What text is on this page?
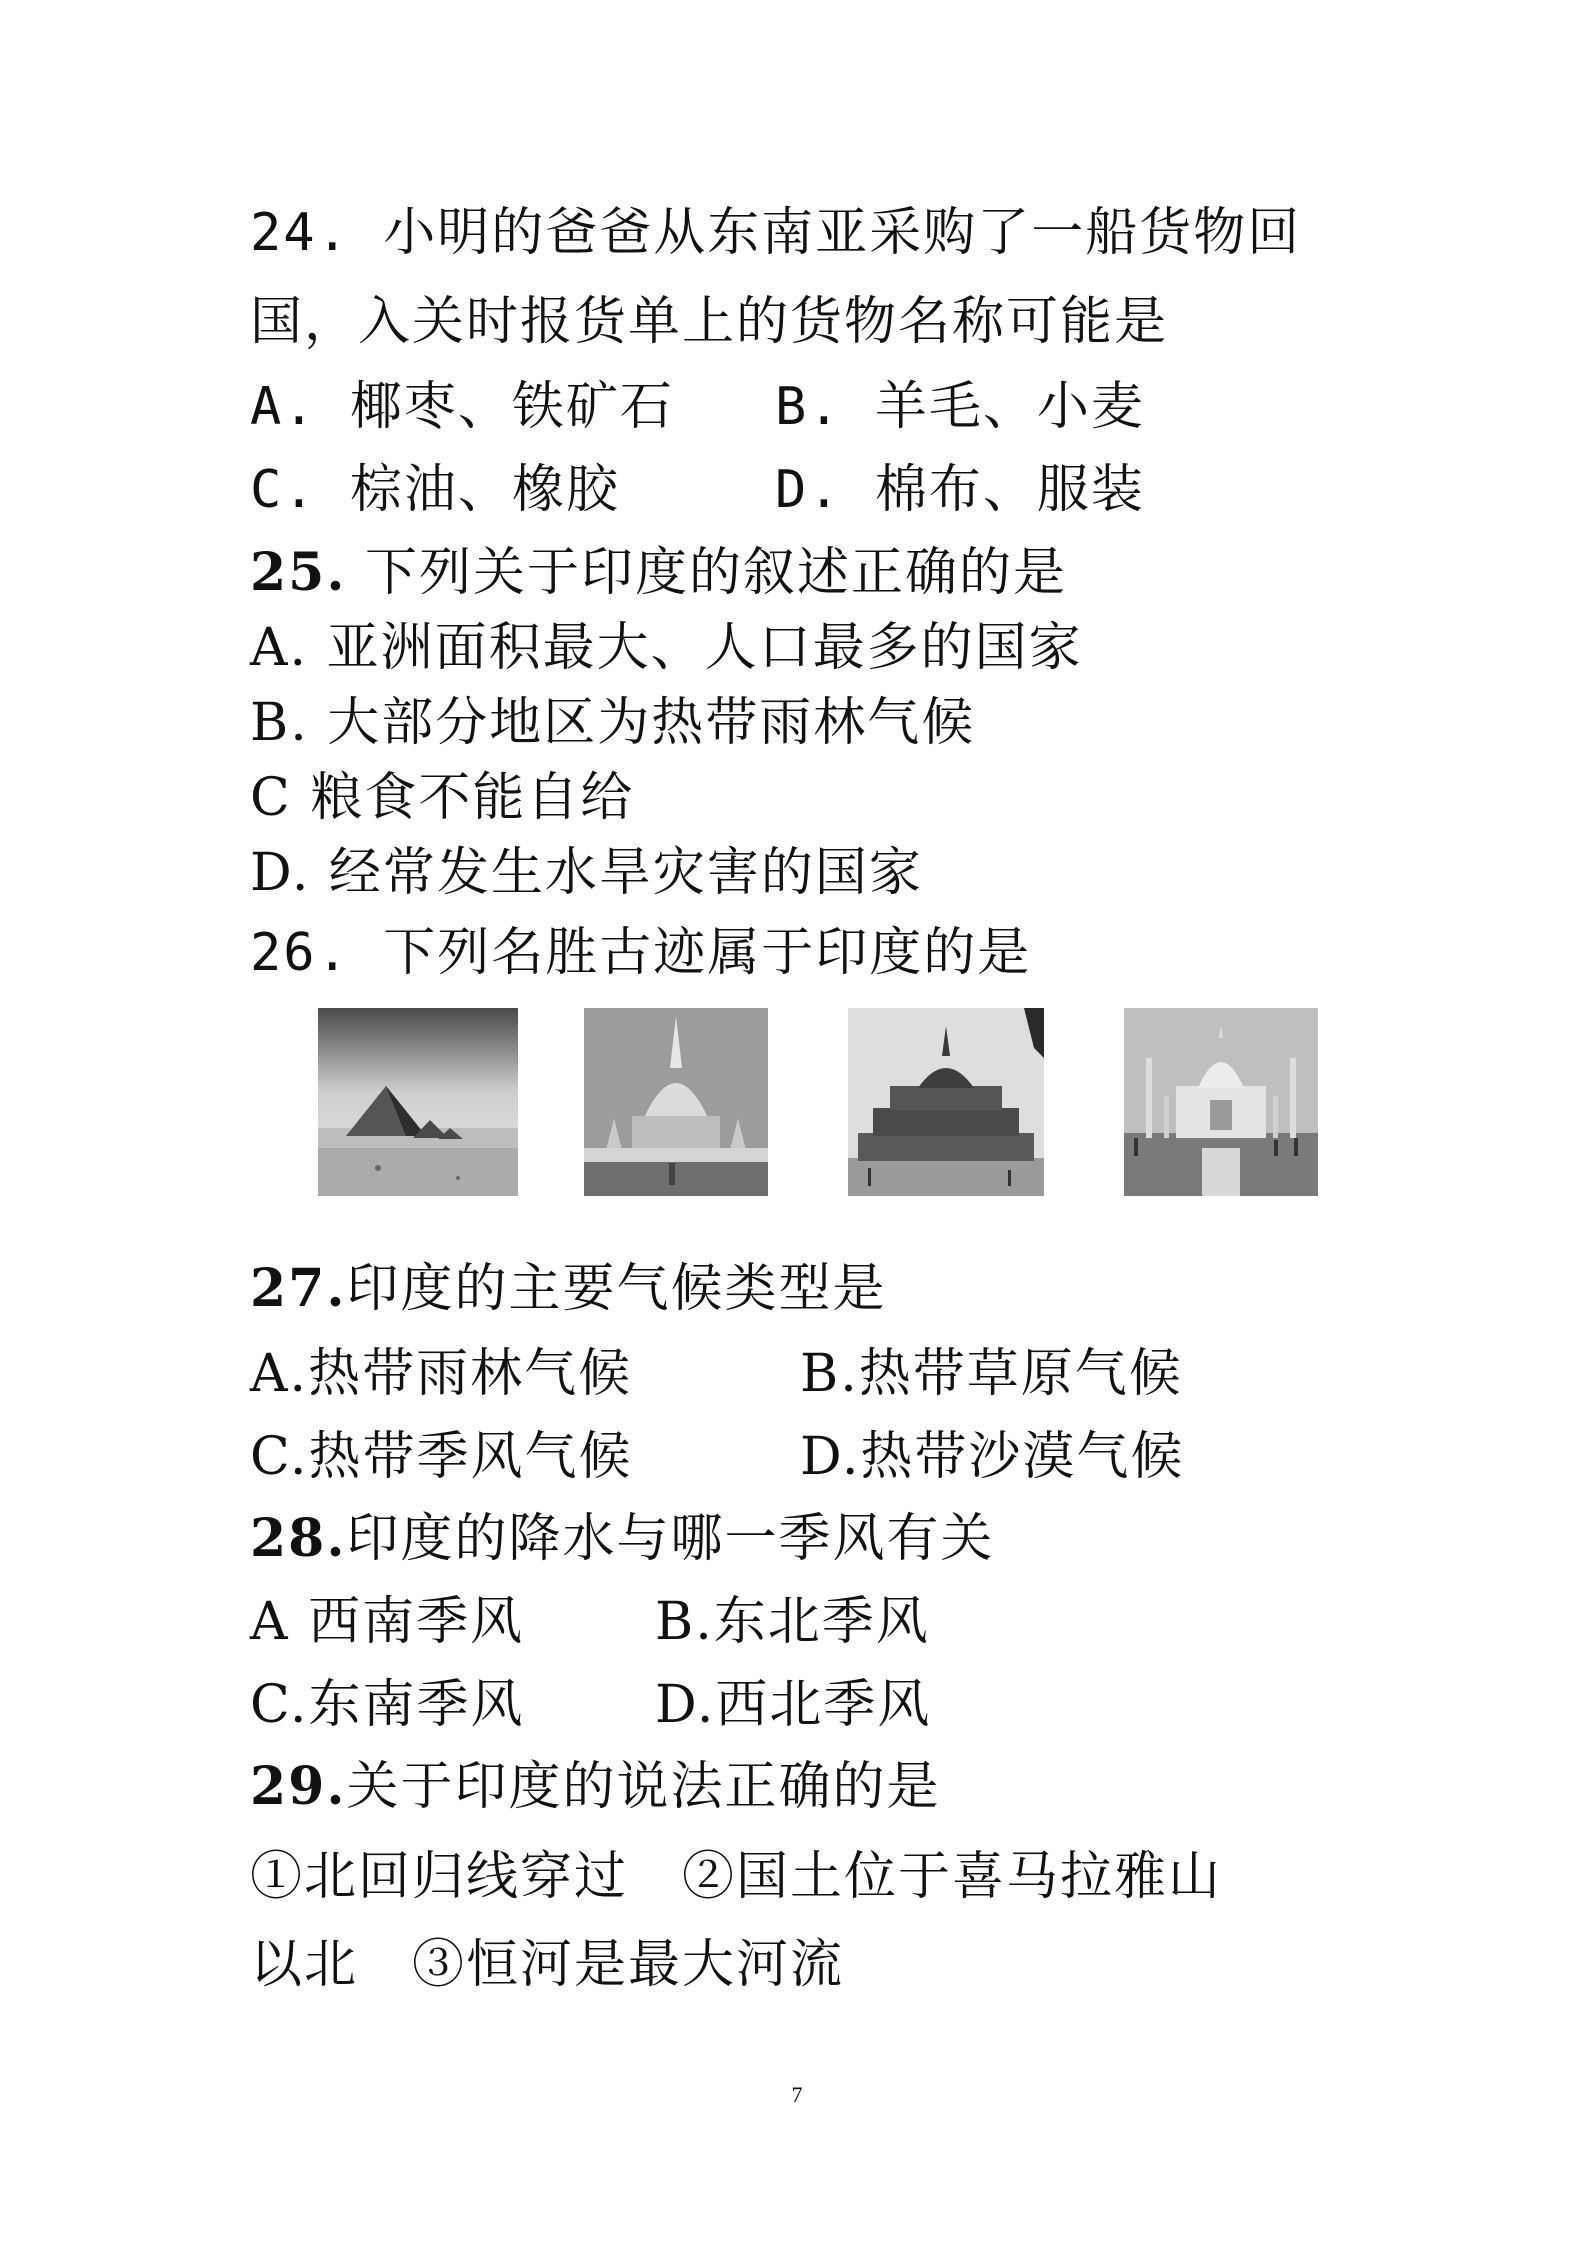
24. 小明的爸爸从东南亚采购了一船货物回
国，入关时报货单上的货物名称可能是
A. 椰枣、铁矿石 B. 羊毛、小麦
C. 棕油、橡胶	D. 棉布、服装
25. 下列关于印度的叙述正确的是
A. 亚洲面积最大、人口最多的国家
B. 大部分地区为热带雨林气候
C 粮食不能自给
D. 经常发生水旱灾害的国家
26. 下列名胜古迹属于印度的是
27.印度的主要气候类型是
A.热带雨林气候	B.热带草原气候
C.热带季风气候	D.热带沙漠气候
28.印度的降水与哪一季风有关
A 西南季风	B.东北季风
C.东南季风	D.西北季风
29.关于印度的说法正确的是
①北回归线穿过　②国土位于喜马拉雅山
以北　③恒河是最大河流
7
